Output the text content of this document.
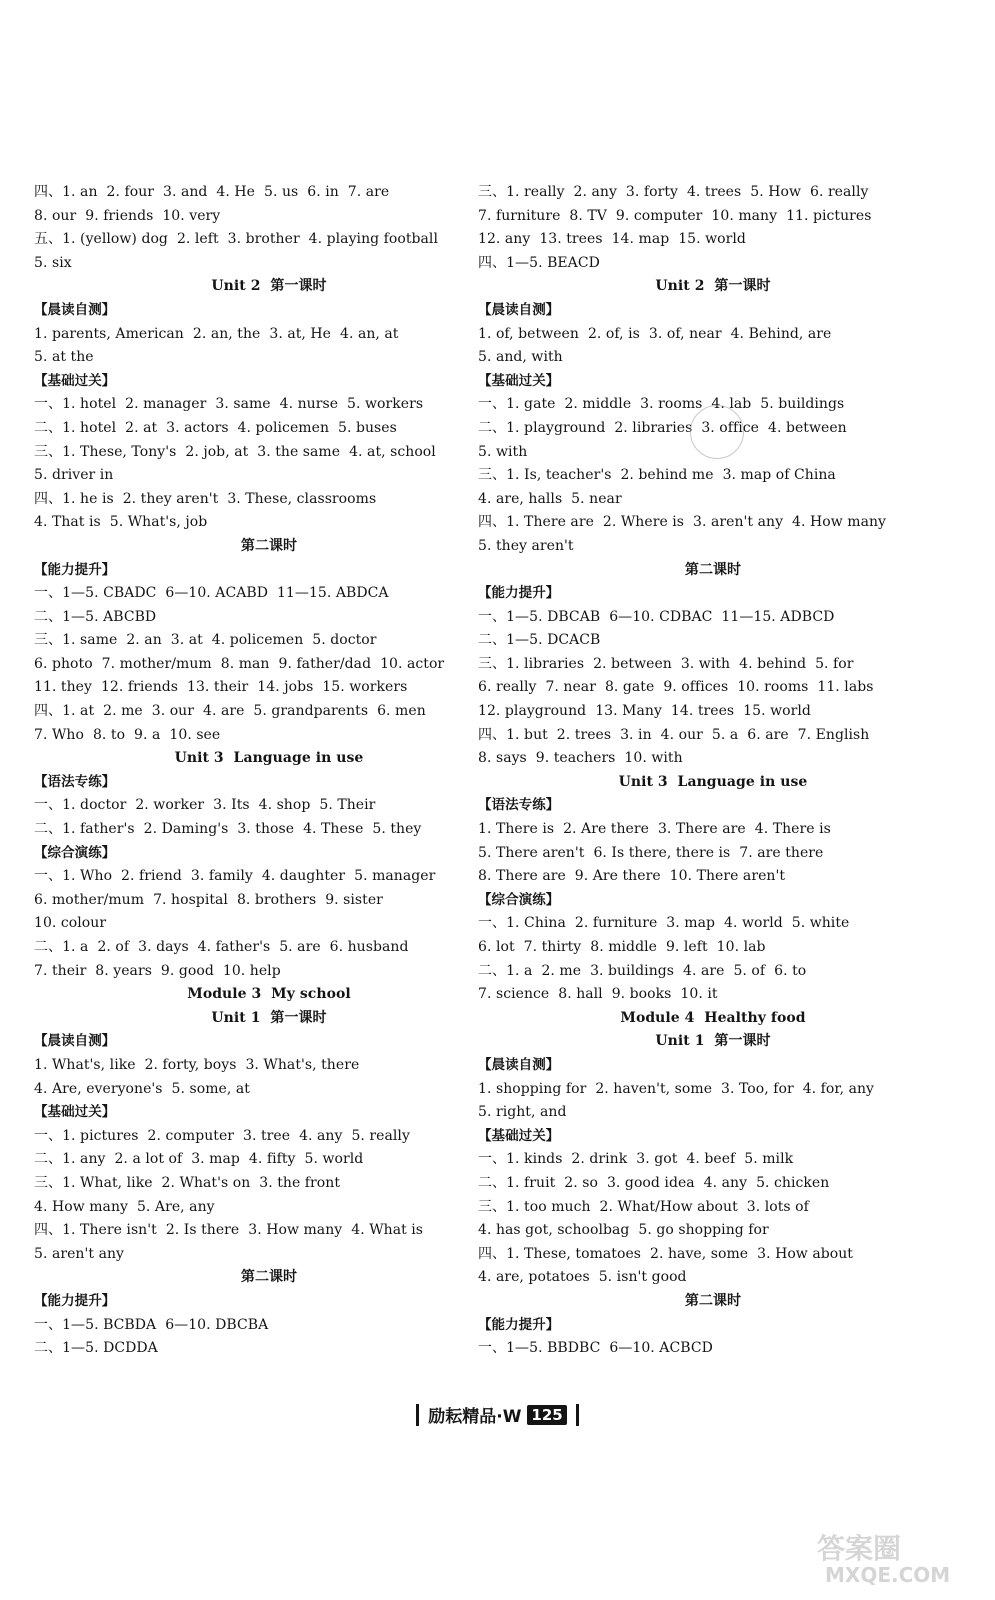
四、1. an  2. four  3. and  4. He  5. us  6. in  7. are
8. our  9. friends  10. very
五、1. (yellow) dog  2. left  3. brother  4. playing football
5. six
Unit 2  第一课时
【晨读自测】
1. parents, American  2. an, the  3. at, He  4. an, at
5. at the
【基础过关】
一、1. hotel  2. manager  3. same  4. nurse  5. workers
二、1. hotel  2. at  3. actors  4. policemen  5. buses
三、1. These, Tony's  2. job, at  3. the same  4. at, school
5. driver in
四、1. he is  2. they aren't  3. These, classrooms
4. That is  5. What's, job
第二课时
【能力提升】
一、1—5. CBADC  6—10. ACABD  11—15. ABDCA
二、1—5. ABCBD
三、1. same  2. an  3. at  4. policemen  5. doctor
6. photo  7. mother/mum  8. man  9. father/dad  10. actor
11. they  12. friends  13. their  14. jobs  15. workers
四、1. at  2. me  3. our  4. are  5. grandparents  6. men
7. Who  8. to  9. a  10. see
Unit 3  Language in use
【语法专练】
一、1. doctor  2. worker  3. Its  4. shop  5. Their
二、1. father's  2. Daming's  3. those  4. These  5. they
【综合演练】
一、1. Who  2. friend  3. family  4. daughter  5. manager
6. mother/mum  7. hospital  8. brothers  9. sister
10. colour
二、1. a  2. of  3. days  4. father's  5. are  6. husband
7. their  8. years  9. good  10. help
Module 3  My school
Unit 1  第一课时
【晨读自测】
1. What's, like  2. forty, boys  3. What's, there
4. Are, everyone's  5. some, at
【基础过关】
一、1. pictures  2. computer  3. tree  4. any  5. really
二、1. any  2. a lot of  3. map  4. fifty  5. world
三、1. What, like  2. What's on  3. the front
4. How many  5. Are, any
四、1. There isn't  2. Is there  3. How many  4. What is
5. aren't any
第二课时
【能力提升】
一、1—5. BCBDA  6—10. DBCBA
二、1—5. DCDDA
三、1. really  2. any  3. forty  4. trees  5. How  6. really
7. furniture  8. TV  9. computer  10. many  11. pictures
12. any  13. trees  14. map  15. world
四、1—5. BEACD
Unit 2  第一课时
【晨读自测】
1. of, between  2. of, is  3. of, near  4. Behind, are
5. and, with
【基础过关】
一、1. gate  2. middle  3. rooms  4. lab  5. buildings
二、1. playground  2. libraries  3. office  4. between
5. with
三、1. Is, teacher's  2. behind me  3. map of China
4. are, halls  5. near
四、1. There are  2. Where is  3. aren't any  4. How many
5. they aren't
第二课时
【能力提升】
一、1—5. DBCAB  6—10. CDBAC  11—15. ADBCD
二、1—5. DCACB
三、1. libraries  2. between  3. with  4. behind  5. for
6. really  7. near  8. gate  9. offices  10. rooms  11. labs
12. playground  13. Many  14. trees  15. world
四、1. but  2. trees  3. in  4. our  5. a  6. are  7. English
8. says  9. teachers  10. with
Unit 3  Language in use
【语法专练】
1. There is  2. Are there  3. There are  4. There is
5. There aren't  6. Is there, there is  7. are there
8. There are  9. Are there  10. There aren't
【综合演练】
一、1. China  2. furniture  3. map  4. world  5. white
6. lot  7. thirty  8. middle  9. left  10. lab
二、1. a  2. me  3. buildings  4. are  5. of  6. to
7. science  8. hall  9. books  10. it
Module 4  Healthy food
Unit 1  第一课时
【晨读自测】
1. shopping for  2. haven't, some  3. Too, for  4. for, any
5. right, and
【基础过关】
一、1. kinds  2. drink  3. got  4. beef  5. milk
二、1. fruit  2. so  3. good idea  4. any  5. chicken
三、1. too much  2. What/How about  3. lots of
4. has got, schoolbag  5. go shopping for
四、1. These, tomatoes  2. have, some  3. How about
4. are, potatoes  5. isn't good
第二课时
【能力提升】
一、1—5. BBDBC  6—10. ACBCD
励耘精品·W 125
答案圈
MXQE.COM
